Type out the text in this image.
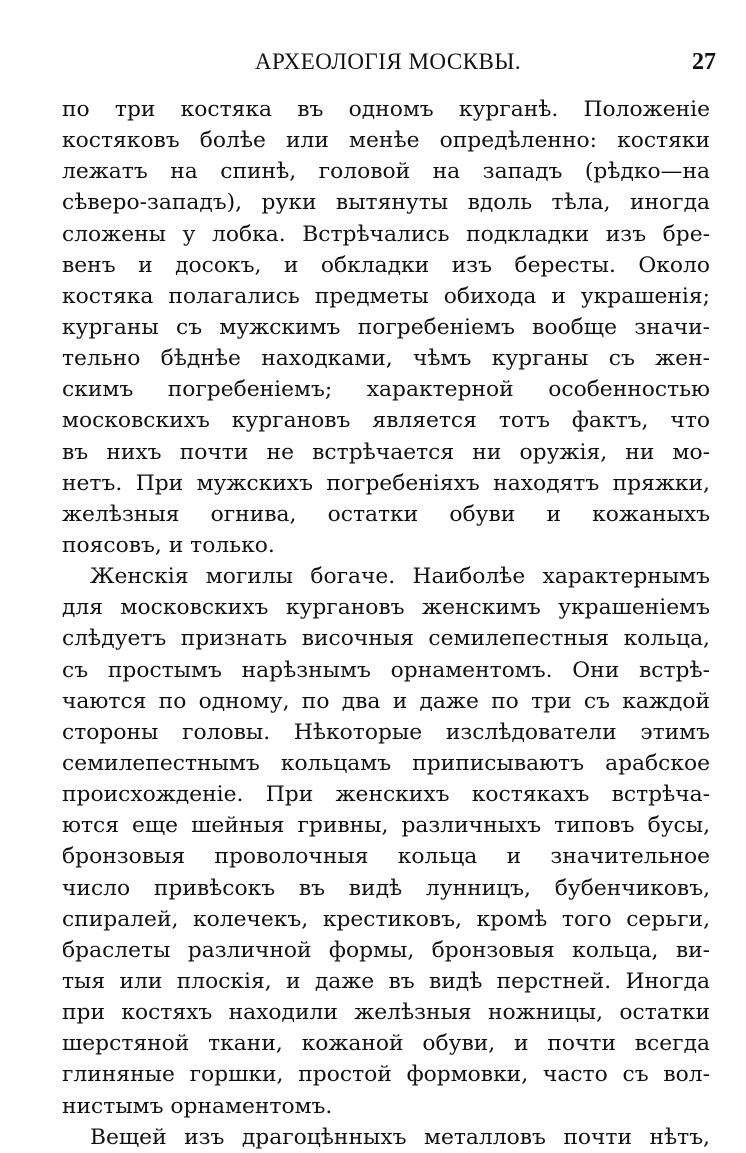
АРХЕОЛОГІЯ МОСКВЫ.	27
по три костяка въ одномъ курганѣ. Положеніе
костяковъ болѣе или менѣе опредѣленно: костяки
лежатъ на спинѣ, головой на западъ (рѣдко—на
сѣверо-западъ), руки вытянуты вдоль тѣла, иногда
сложены у лобка. Встрѣчались подкладки изъ бре-
венъ и досокъ, и обкладки изъ бересты. Около
костяка полагались предметы обихода и украшенія;
курганы съ мужскимъ погребеніемъ вообще значи-
тельно бѣднѣе находками, чѣмъ курганы съ жен-
скимъ погребеніемъ; характерной особенностью
московскихъ кургановъ является тотъ фактъ, что
въ нихъ почти не встрѣчается ни оружія, ни мо-
нетъ. При мужскихъ погребеніяхъ находятъ пряжки,
желѣзныя огнива, остатки обуви и кожаныхъ
поясовъ, и только.
Женскія могилы богаче. Наиболѣе характернымъ
для московскихъ кургановъ женскимъ украшеніемъ
слѣдуетъ признать височныя семилепестныя кольца,
съ простымъ нарѣзнымъ орнаментомъ. Они встрѣ-
чаются по одному, по два и даже по три съ каждой
стороны головы. Нѣкоторые изслѣдователи этимъ
семилепестнымъ кольцамъ приписываютъ арабское
происхожденіе. При женскихъ костякахъ встрѣча-
ются еще шейныя гривны, различныхъ типовъ бусы,
бронзовыя проволочныя кольца и значительное
число привѣсокъ въ видѣ лунницъ, бубенчиковъ,
спиралей, колечекъ, крестиковъ, кромѣ того серьги,
браслеты различной формы, бронзовыя кольца, ви-
тыя или плоскія, и даже въ видѣ перстней. Иногда
при костяхъ находили желѣзныя ножницы, остатки
шерстяной ткани, кожаной обуви, и почти всегда
глиняные горшки, простой формовки, часто съ вол-
нистымъ орнаментомъ.
Вещей изъ драгоцѣнныхъ металловъ почти нѣтъ,
